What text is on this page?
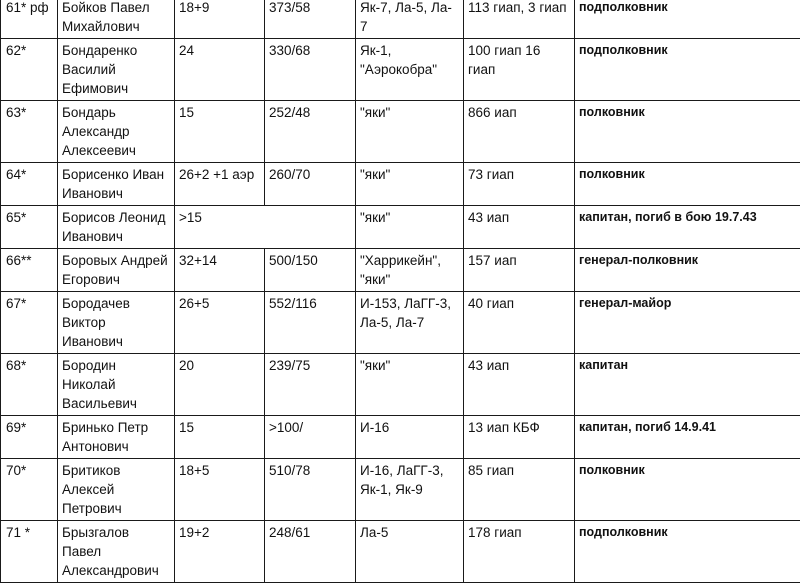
61* рф	Бойков Павел
Михайлович	18+9	373/58	Як-7, Ла-5, Ла-
7	113 гиап, 3 гиап	подполковник
62*	Бондаренко
Василий
Ефимович	24	330/68	Як-1,
"Аэрокобра"	100 гиап 16 гиап	подполковник
63*	Бондарь
Александр
Алексеевич	15	252/48	"яки"	866 иап	полковник
64*	Борисенко Иван
Иванович	26+2 +1 аэр	260/70	"яки"	73 гиап	полковник
65*	Борисов Леонид
Иванович	>15		"яки"	43 иап	капитан, погиб в бою 19.7.43
66**	Боровых Андрей
Егорович	32+14	500/150	"Харрикейн",
"яки"	157 иап	генерал-полковник
67*	Бородачев
Виктор Иванович	26+5	552/116	И-153, ЛаГГ-3,
Ла-5, Ла-7	40 гиап	генерал-майор
68*	Бородин
Николай
Васильевич	20	239/75	"яки"	43 иап	капитан
69*	Бринько Петр
Антонович	15	>100/	И-16	13 иап КБФ	капитан, погиб 14.9.41
70*	Бритиков
Алексей
Петрович	18+5	510/78	И-16, ЛаГГ-3,
Як-1, Як-9	85 гиап	полковник
71 *	Брызгалов Павел
Александрович	19+2	248/61	Ла-5	178 гиап	подполковник
